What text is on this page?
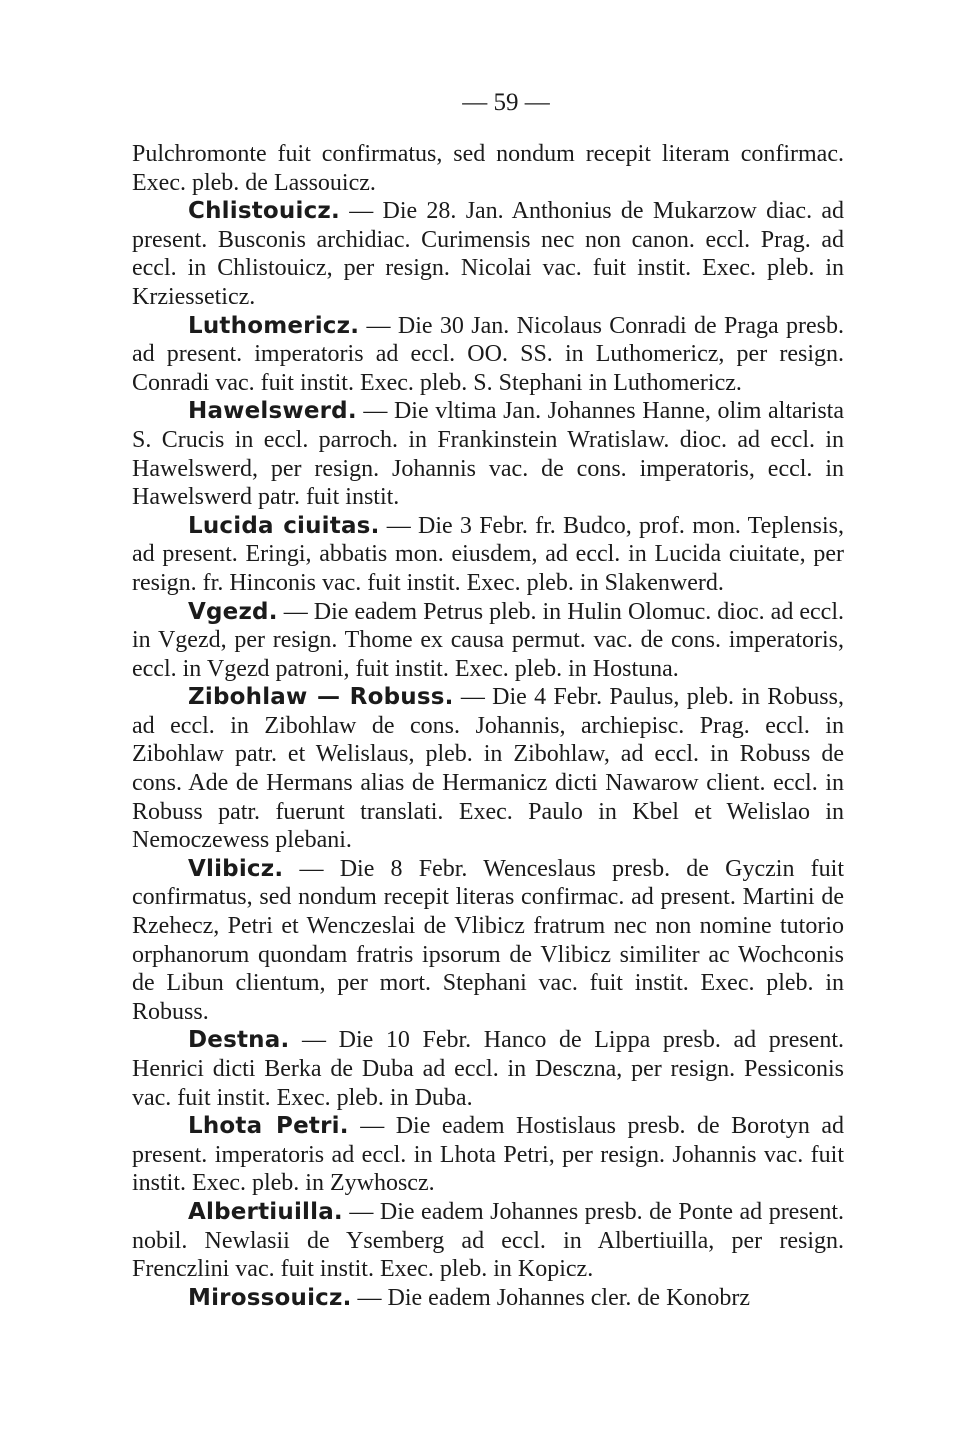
— 59 —

Pulchromonte fuit confirmatus, sed nondum recepit literam confirmac. Exec. pleb. de Lassouicz.

Chlistouicz. — Die 28. Jan. Anthonius de Mukarzow diac. ad present. Busconis archidiac. Curimensis nec non canon. eccl. Prag. ad eccl. in Chlistouicz, per resign. Nicolai vac. fuit instit. Exec. pleb. in Krziesseticz.

Luthomericz. — Die 30 Jan. Nicolaus Conradi de Praga presb. ad present. imperatoris ad eccl. OO. SS. in Luthomericz, per resign. Conradi vac. fuit instit. Exec. pleb. S. Stephani in Luthomericz.

Hawelswerd. — Die vltima Jan. Johannes Hanne, olim altarista S. Crucis in eccl. parroch. in Frankinstein Wratislaw. dioc. ad eccl. in Hawelswerd, per resign. Johannis vac. de cons. imperatoris, eccl. in Hawelswerd patr. fuit instit.

Lucida ciuitas. — Die 3 Febr. fr. Budco, prof. mon. Teplensis, ad present. Eringi, abbatis mon. eiusdem, ad eccl. in Lucida ciuitate, per resign. fr. Hinconis vac. fuit instit. Exec. pleb. in Slakenwerd.

Vgezd. — Die eadem Petrus pleb. in Hulin Olomuc. dioc. ad eccl. in Vgezd, per resign. Thome ex causa permut. vac. de cons. imperatoris, eccl. in Vgezd patroni, fuit instit. Exec. pleb. in Hostuna.

Zibohlaw — Robuss. — Die 4 Febr. Paulus, pleb. in Robuss, ad eccl. in Zibohlaw de cons. Johannis, archiepisc. Prag. eccl. in Zibohlaw patr. et Welislaus, pleb. in Zibohlaw, ad eccl. in Robuss de cons. Ade de Hermans alias de Hermanicz dicti Nawarow client. eccl. in Robuss patr. fuerunt translati. Exec. Paulo in Kbel et Welislao in Nemoczewess plebani.

Vlibicz. — Die 8 Febr. Wenceslaus presb. de Gyczin fuit confirmatus, sed nondum recepit literas confirmac. ad present. Martini de Rzehecz, Petri et Wenczeslai de Vlibicz fratrum nec non nomine tutorio orphanorum quondam fratris ipsorum de Vlibicz similiter ac Wochconis de Libun clientum, per mort. Stephani vac. fuit instit. Exec. pleb. in Robuss.

Destna. — Die 10 Febr. Hanco de Lippa presb. ad present. Henrici dicti Berka de Duba ad eccl. in Desczna, per resign. Pessiconis vac. fuit instit. Exec. pleb. in Duba.

Lhota Petri. — Die eadem Hostislaus presb. de Borotyn ad present. imperatoris ad eccl. in Lhota Petri, per resign. Johannis vac. fuit instit. Exec. pleb. in Zywhoscz.

Albertiuilla. — Die eadem Johannes presb. de Ponte ad present. nobil. Newlasii de Ysemberg ad eccl. in Albertiuilla, per resign. Frenczlini vac. fuit instit. Exec. pleb. in Kopicz.

Mirossouicz. — Die eadem Johannes cler. de Konobrz
